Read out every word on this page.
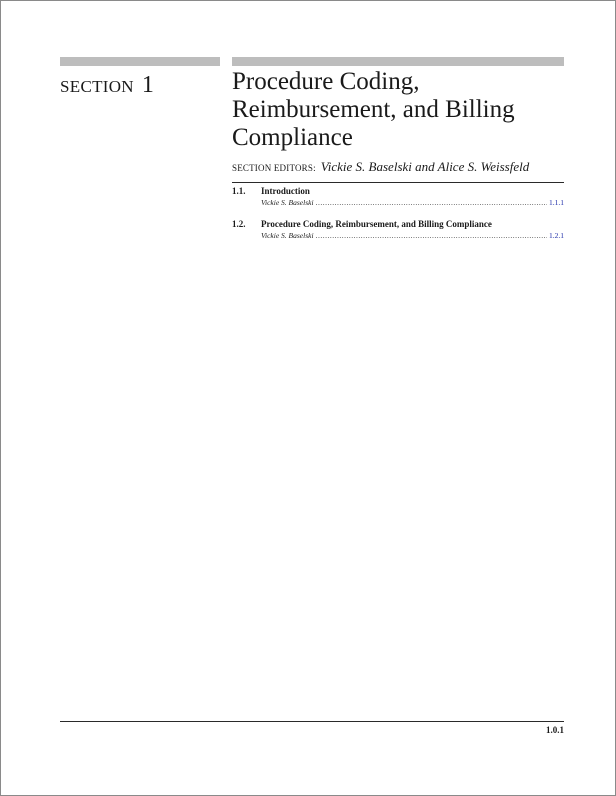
SECTION 1	Procedure Coding, Reimbursement, and Billing Compliance
SECTION EDITORS: Vickie S. Baselski and Alice S. Weissfeld
1.1. Introduction
Vickie S. Baselski .....	1.1.1
1.2. Procedure Coding, Reimbursement, and Billing Compliance
Vickie S. Baselski .....	1.2.1
1.0.1
